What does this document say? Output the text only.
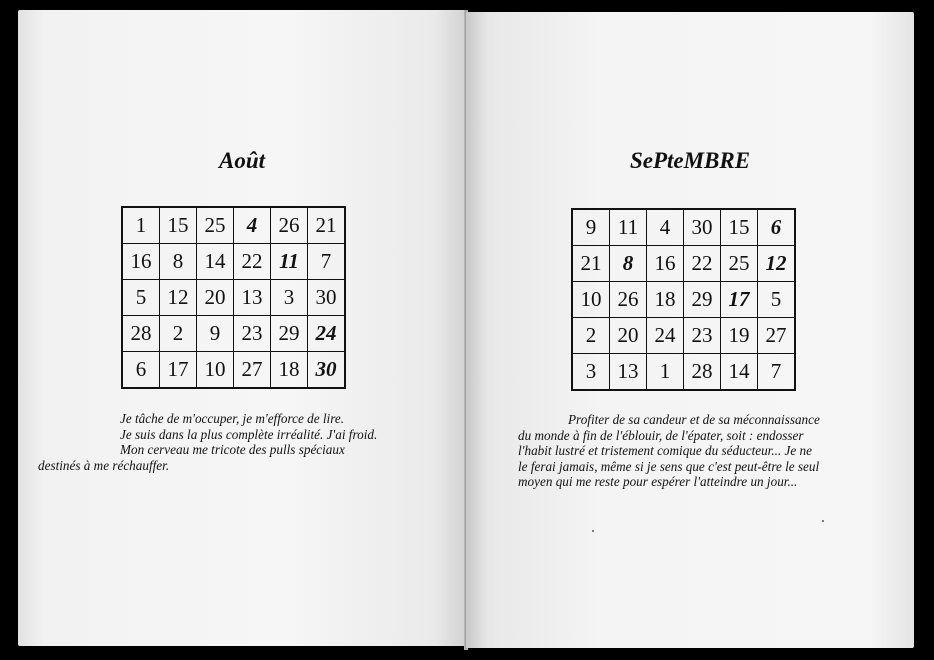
Août
1	15	25	4	26	21
16	8	14	22	11	7
5	12	20	13	3	30
28	2	9	23	29	24
6	17	10	27	18	30
Je tâche de m'occuper, je m'efforce de lire.
Je suis dans la plus complète irréalité. J'ai froid.
Mon cerveau me tricote des pulls spéciaux
destinés à me réchauffer.
SePteMBRE
9	11	4	30	15	6
21	8	16	22	25	12
10	26	18	29	17	5
2	20	24	23	19	27
3	13	1	28	14	7
Profiter de sa candeur et de sa méconnaissance
du monde à fin de l'éblouir, de l'épater, soit : endosser
l'habit lustré et tristement comique du séducteur... Je ne
le ferai jamais, même si je sens que c'est peut-être le seul
moyen qui me reste pour espérer l'atteindre un jour...
